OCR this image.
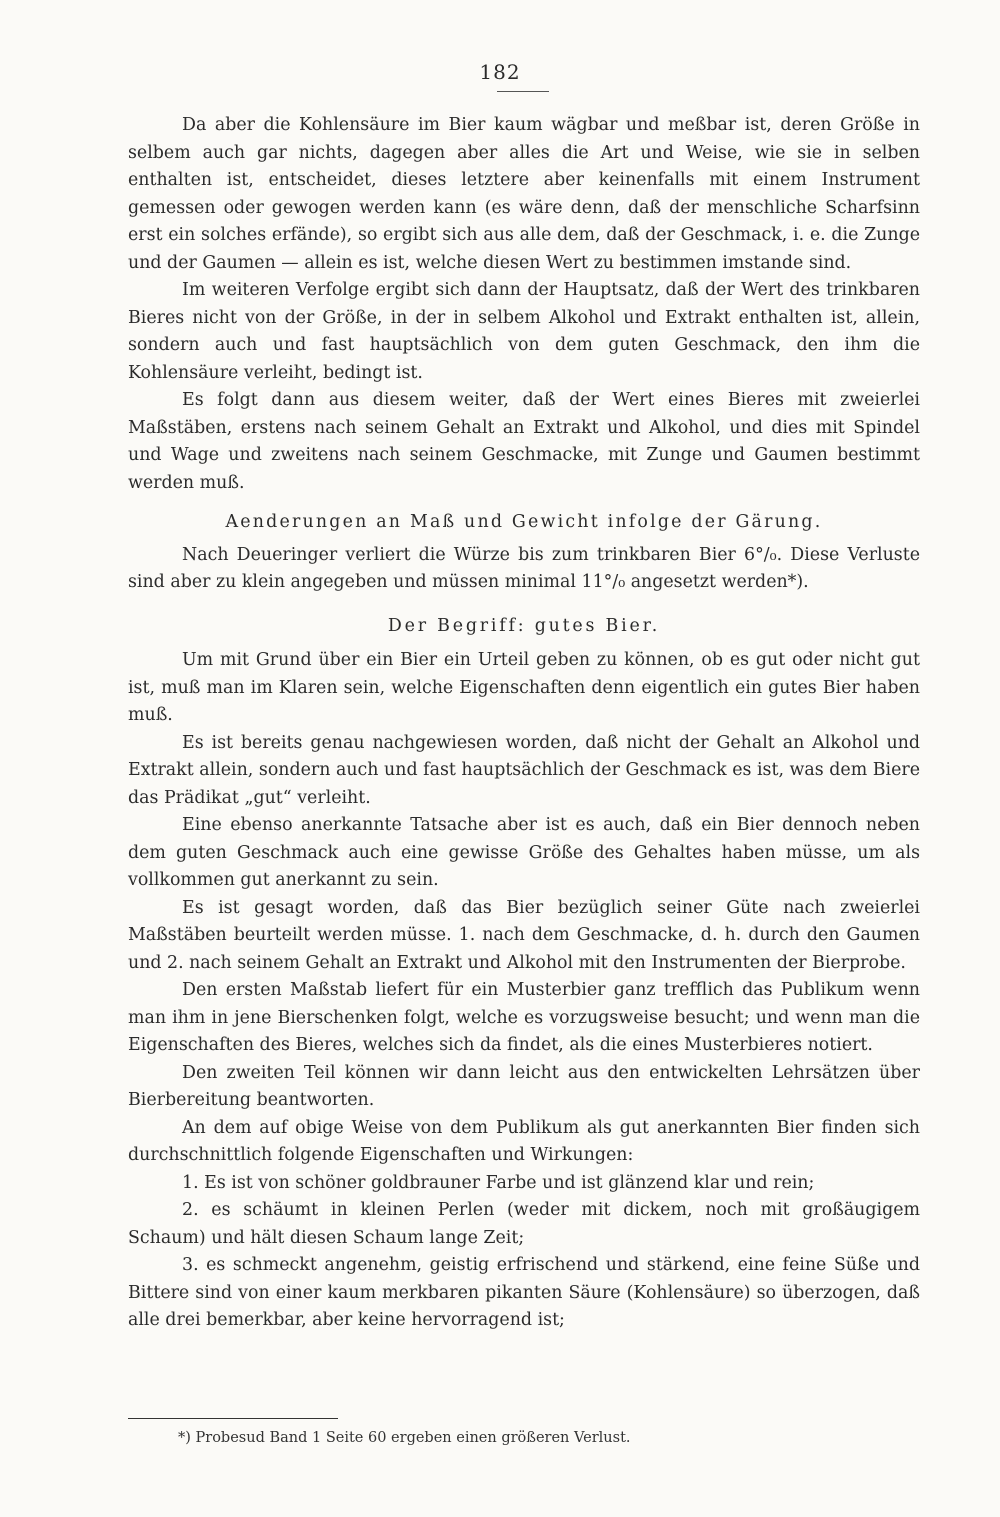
182

Da aber die Kohlensäure im Bier kaum wägbar und meßbar ist, deren Größe in selbem auch gar nichts, dagegen aber alles die Art und Weise, wie sie in selben enthalten ist, entscheidet, dieses letztere aber keinenfalls mit einem Instrument gemessen oder gewogen werden kann (es wäre denn, daß der menschliche Scharfsinn erst ein solches erfände), so ergibt sich aus alle dem, daß der Geschmack, i. e. die Zunge und der Gaumen — allein es ist, welche diesen Wert zu bestimmen imstande sind.

Im weiteren Verfolge ergibt sich dann der Hauptsatz, daß der Wert des trinkbaren Bieres nicht von der Größe, in der in selbem Alkohol und Extrakt enthalten ist, allein, sondern auch und fast hauptsächlich von dem guten Geschmack, den ihm die Kohlensäure verleiht, bedingt ist.

Es folgt dann aus diesem weiter, daß der Wert eines Bieres mit zweierlei Maßstäben, erstens nach seinem Gehalt an Extrakt und Alkohol, und dies mit Spindel und Wage und zweitens nach seinem Geschmacke, mit Zunge und Gaumen bestimmt werden muß.

Aenderungen an Maß und Gewicht infolge der Gärung.

Nach Deueringer verliert die Würze bis zum trinkbaren Bier 6°/₀. Diese Verluste sind aber zu klein angegeben und müssen minimal 11°/₀ angesetzt werden*).

Der Begriff: gutes Bier.

Um mit Grund über ein Bier ein Urteil geben zu können, ob es gut oder nicht gut ist, muß man im Klaren sein, welche Eigenschaften denn eigentlich ein gutes Bier haben muß.

Es ist bereits genau nachgewiesen worden, daß nicht der Gehalt an Alkohol und Extrakt allein, sondern auch und fast hauptsächlich der Geschmack es ist, was dem Biere das Prädikat „gut“ verleiht.

Eine ebenso anerkannte Tatsache aber ist es auch, daß ein Bier dennoch neben dem guten Geschmack auch eine gewisse Größe des Gehaltes haben müsse, um als vollkommen gut anerkannt zu sein.

Es ist gesagt worden, daß das Bier bezüglich seiner Güte nach zweierlei Maßstäben beurteilt werden müsse. 1. nach dem Geschmacke, d. h. durch den Gaumen und 2. nach seinem Gehalt an Extrakt und Alkohol mit den Instrumenten der Bierprobe.

Den ersten Maßstab liefert für ein Musterbier ganz trefflich das Publikum wenn man ihm in jene Bierschenken folgt, welche es vorzugsweise besucht; und wenn man die Eigenschaften des Bieres, welches sich da findet, als die eines Musterbieres notiert.

Den zweiten Teil können wir dann leicht aus den entwickelten Lehrsätzen über Bierbereitung beantworten.

An dem auf obige Weise von dem Publikum als gut anerkannten Bier finden sich durchschnittlich folgende Eigenschaften und Wirkungen:

1. Es ist von schöner goldbrauner Farbe und ist glänzend klar und rein;

2. es schäumt in kleinen Perlen (weder mit dickem, noch mit großäugigem Schaum) und hält diesen Schaum lange Zeit;

3. es schmeckt angenehm, geistig erfrischend und stärkend, eine feine Süße und Bittere sind von einer kaum merkbaren pikanten Säure (Kohlensäure) so überzogen, daß alle drei bemerkbar, aber keine hervorragend ist;

*) Probesud Band 1 Seite 60 ergeben einen größeren Verlust.
